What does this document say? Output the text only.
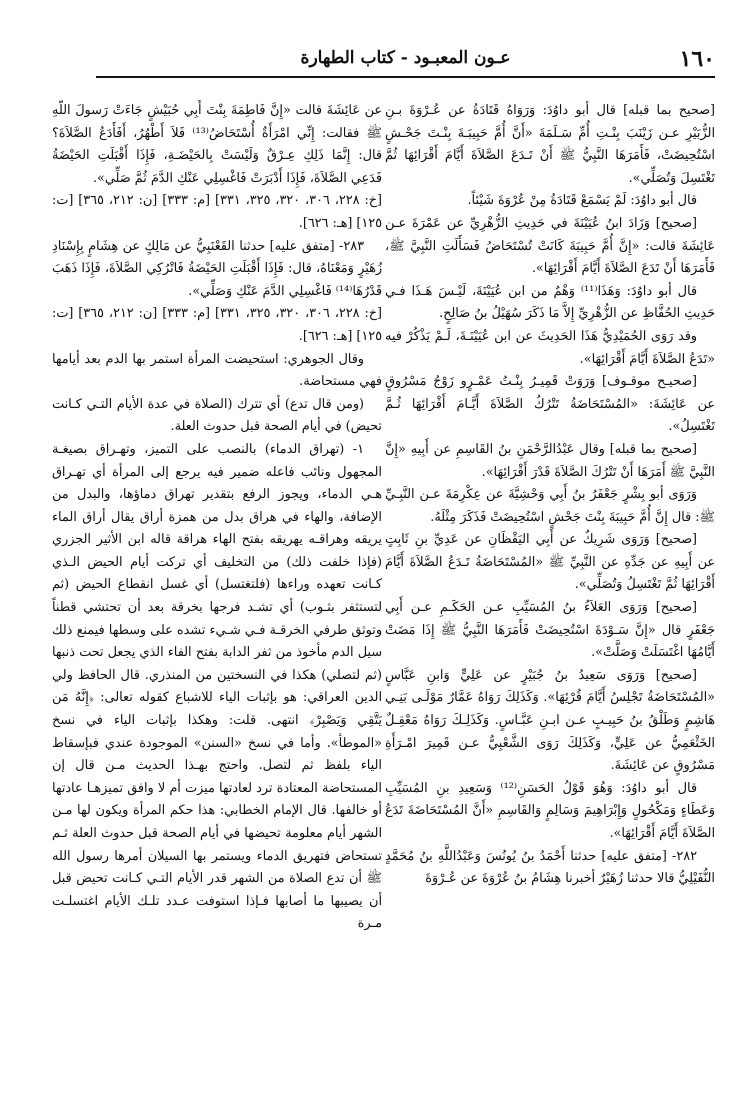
١٦٠
عـون المعبـود - كتاب الطهارة

[صحيح بما قبله] قال أبو داوُدَ: وَرَوَاهُ قَتَادَةُ عن عُـرْوَةَ بـنِ الزُّبَيْرِ عـن زَيْنَبَ بِنْـتِ أُمِّ سَـلَمَةَ «أَنَّ أُمَّ حَبِيبَـةَ بِنْـتَ جَحْـشٍ اسْتُحِيضَتْ، فَأَمَرَهَا النَّبِيُّ ﷺ أَنْ تَـدَعَ الصَّلاَةَ أَيَّامَ أَقْرَائِهَا ثُمَّ تَغْتَسِلَ وَتُصَلِّي».

قال أبو داوُدَ: لَمْ يَسْمَعْ قَتَادَةُ مِنْ عُرْوَةَ شَيْئاً.

[صحيح] وَزَادَ ابنُ عُيَيْنَةَ في حَدِيثِ الزُّهْرِيِّ عن عَمْرَةَ عـن عَائِشَةَ قالت: «إِنَّ أُمَّ حَبِيبَةَ كَانَتْ تُسْتَحَاضُ فَسَأَلَتِ النَّبِيَّ ﷺ، فَأَمَرَهَا أَنْ تَدَعَ الصَّلاَةَ أَيَّامَ أَقْرَائِهَا».

قال أبو داوُدَ: وَهَذَا⁽¹¹⁾ وَهْمٌ من ابن عُيَيْنَةَ، لَيْـسَ هَـذَا فـي حَدِيثِ الحُفَّاظِ عن الزُّهْرِيِّ إِلاَّ مَا ذَكَرَ سُهَيْلُ بنُ صَالِحٍ.

وقد رَوَى الحُمَيْدِيُّ هَذَا الحَدِيثَ عن ابن عُيَيْنَـةَ، لَـمْ يَذْكُرْ فيه «تَدَعُ الصَّلاَةَ أَيَّامَ أَقْرَائِهَا».

[صحيـح موقـوف] وَرَوَتْ قَمِيـرُ بِنْـتُ عَمْـرٍو زَوْجُ مَسْرُوقٍ عن عَائِشَةَ: «المُسْتَحَاضَةُ تَتْرُكُ الصَّلاَةَ أَيَّـامَ أَقْرَائِهَا ثُـمَّ تَغْتَسِلُ».

[صحيح بما قبله] وقال عَبْدُالرَّحْمَنِ بنُ القَاسِمِ عن أَبِيهِ «إِنَّ النَّبِيَّ ﷺ أَمَرَهَا أَنْ تَتْرُكَ الصَّلاَةَ قَدْرَ أَقْرَائِهَا».

وَرَوَى أبو بِشْرٍ جَعْفَرُ بنُ أَبِي وَحْشِيَّةَ عن عِكْرِمَةَ عـن النَّبِـيِّ ﷺ: قال إِنَّ أُمَّ حَبِيبَةَ بِنْتَ جَحْشٍ اسْتُحِيضَتْ فَذَكَرَ مِثْلَهُ.

[صحيح] وَرَوَى شَرِيكٌ عن أَبِي اليَقْظَانِ عن عَدِيِّ بنِ ثَابِتٍ عن أَبِيهِ عن جَدِّهِ عن النَّبِيِّ ﷺ «المُسْتَحَاضَةُ تَـدَعُ الصَّلاَةَ أَيَّامَ أَقْرَائِهَا ثُمَّ تَغْتَسِلُ وَتُصَلِّي».

[صحيح] وَرَوَى العَلاَءُ بنُ المُسَيِّبِ عـن الحَكَـمِ عـن أَبِي جَعْفَرٍ قال «إِنَّ سَـوْدَةَ اسْتُحِيضَتْ فَأَمَرَهَا النَّبِيُّ ﷺ إِذَا مَضَتْ أَيَّامُهَا اغْتَسَلَتْ وَصَلَّتْ».

[صحيح] وَرَوَى سَعِيدُ بنُ جُبَيْرٍ عن عَلِيٍّ وَابنِ عَبَّاسٍ «المُسْتَحَاضَةُ تَجْلِسُ أَيَّامَ قُرْئِهَا». وَكَذَلِكَ رَوَاهُ عَمَّارٌ مَوْلَـى بَنِـي هَاشِمٍ وَطَلْقُ بنُ حَبِيـبٍ عـن ابـنِ عَبَّـاسٍ. وَكَذَلِـكَ رَوَاهُ مَعْقِـلٌ الخَثْعَمِيُّ عن عَلِيٍّ، وَكَذَلِكَ رَوَى الشَّعْبِيُّ عـن قَمِيرَ امْـرَأَةِ مَسْرُوقٍ عن عَائِشَةَ.

قال أبو داوُدَ: وَهُوَ قَوْلُ الحَسَنِ⁽¹²⁾ وَسَعِيدِ بنِ المُسَيِّبِ وَعَطَاءٍ وَمَكْحُولٍ وَإِبْرَاهِيمَ وَسَالِمٍ وَالقَاسِمِ «أَنَّ المُسْتَحَاضَةَ تَدَعُ الصَّلاَةَ أَيَّامَ أَقْرَائِهَا».

٢٨٢- [متفق عليه] حدثنا أَحْمَدُ بنُ يُونُسَ وَعَبْدُاللَّهِ بنُ مُحَمَّدٍ النُّفَيْلِيُّ قالا حدثنا زُهَيْرٌ أخبرنا هِشَامُ بنُ عُرْوَةَ عن عُـرْوَةَ

عن عَائِشَةَ قالت «إِنَّ فَاطِمَةَ بِنْتَ أَبِي حُبَيْشٍ جَاءَتْ رَسولَ اللَّهِ ﷺ فقالت: إِنِّي امْرَأَةٌ أُسْتَحَاضُ⁽¹³⁾ فَلاَ أَطْهُرُ، أَفَأَدَعُ الصَّلاَةَ؟ قال: إِنَّمَا ذَلِكِ عِـرْقٌ وَلَيْسَتْ بِالحَيْضَـةِ، فَإِذَا أَقْبَلَتِ الحَيْضَةُ فَدَعِي الصَّلاَةَ، فَإِذَا أَدْبَرَتْ فَاغْسِلِي عَنْكِ الدَّمَ ثُمَّ صَلِّي».

[خ: ٢٢٨، ٣٠٦، ٣٢٠، ٣٢٥، ٣٣١] [م: ٣٣٣] [ن: ٢١٢، ٣٦٥] [ت: ١٢٥] [هـ: ٦٢٦].

٢٨٣- [متفق عليه] حدثنا القَعْنَبِيُّ عن مَالِكٍ عن هِشَامٍ بِإِسْنَادِ زُهَيْرٍ وَمَعْنَاهُ، قال: فَإِذَا أَقْبَلَتِ الحَيْضَةُ فَاتْرُكِي الصَّلاَةَ، فَإِذَا ذَهَبَ قَدْرُهَا⁽¹⁴⁾ فَاغْسِلِي الدَّمَ عَنْكِ وَصَلِّي».

[خ: ٢٢٨، ٣٠٦، ٣٢٠، ٣٢٥، ٣٣١] [م: ٣٣٣] [ن: ٢١٢، ٣٦٥] [ت: ١٢٥] [هـ: ٦٢٦].

وقال الجوهري: استحيضت المرأة استمر بها الدم بعد أيامها فهي مستحاضة.

(ومن قال تدع) أي تترك (الصلاة في عدة الأيام التـي كـانت تحيض) في أيام الصحة قبل حدوث العلة.

١- (تهراق الدماء) بالنصب على التميز، وتهـراق بصيغـة المجهول ونائب فاعله ضمير فيه يرجع إلى المرأة أي تهـراق هـي الدماء، ويجوز الرفع بتقدير تهراق دماؤها، والبدل من الإضافة، والهاء في هراق بدل من همزة أراق يقال أراق الماء يريقه وهراقـه يهريقه بفتح الهاء هراقة قاله ابن الأثير الجزري (فإذا خلفت ذلك) من التخليف أي تركت أيام الحيض الـذي كـانت تعهده وراءها (فلتغتسل) أي غسل انقطاع الحيض (ثم لتستثفر بثـوب) أي تشـد فرجها بخرقة بعد أن تحتشي قطناً وتوثق طرفي الخرقـة فـي شـيء تشده على وسطها فيمنع ذلك سيل الدم مأخوذ من ثفر الدابة بفتح الفاء الذي يجعل تحت ذنبها (ثم لتصلي) هكذا في النسختين من المنذري. قال الحافظ ولي الدين العراقي: هو بإثبات الياء للاشباع كقوله تعالى: ﴿إِنَّهُ مَن يَتَّقِي وَيَصْبِرْ﴾ انتهى. قلت: وهكذا بإثبات الياء في نسخ «الموطأ». وأما في نسخ «السنن» الموجودة عندي فبإسقاط الياء بلفظ ثم لتصل. واحتج بهـذا الحديث مـن قال إن المستحاضة المعتادة ترد لعادتها ميزت أم لا وافق تميزهـا عادتها أو خالفها. قال الإمام الخطابي: هذا حكم المرأة ويكون لها مـن الشهر أيام معلومة تحيضها في أيام الصحة قبل حدوث العلة ثـم تستحاض فتهريق الدماء ويستمر بها السيلان أمرها رسول الله ﷺ أن تدع الصلاة من الشهر قدر الأيام التـي كـانت تحيض قبل أن يصيبها ما أصابها فـإذا استوفت عـدد تلـك الأيام اغتسلـت مـرة
